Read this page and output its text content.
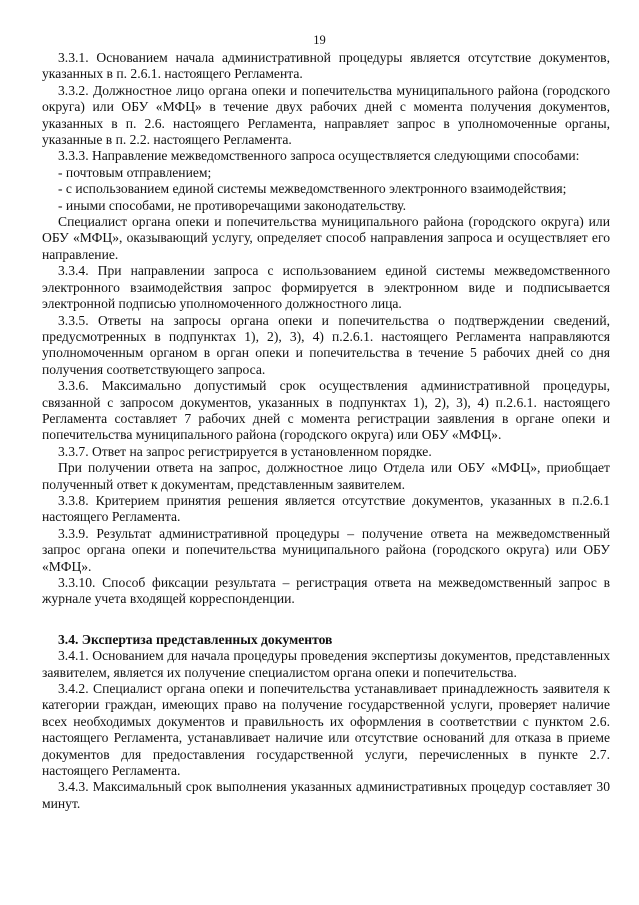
19

3.3.1. Основанием начала административной процедуры является отсутствие документов, указанных в п. 2.6.1. настоящего Регламента.

3.3.2. Должностное лицо органа опеки и попечительства муниципального района (городского округа) или ОБУ «МФЦ» в течение двух рабочих дней с момента получения документов, указанных в п. 2.6. настоящего Регламента, направляет запрос в уполномоченные органы, указанные в п. 2.2. настоящего Регламента.

3.3.3. Направление межведомственного запроса осуществляется следующими способами:

- почтовым отправлением;

- с использованием единой системы межведомственного электронного взаимодействия;

- иными способами, не противоречащими законодательству.

Специалист органа опеки и попечительства муниципального района (городского округа) или ОБУ «МФЦ», оказывающий услугу, определяет способ направления запроса и осуществляет его направление.

3.3.4. При направлении запроса с использованием единой системы межведомственного электронного взаимодействия запрос формируется в электронном виде и подписывается электронной подписью уполномоченного должностного лица.

3.3.5. Ответы на запросы органа опеки и попечительства о подтверждении сведений, предусмотренных в подпунктах 1), 2), 3), 4) п.2.6.1. настоящего Регламента направляются уполномоченным органом в орган опеки и попечительства в течение 5 рабочих дней со дня получения соответствующего запроса.

3.3.6. Максимально допустимый срок осуществления административной процедуры, связанной с запросом документов, указанных в подпунктах 1), 2), 3), 4) п.2.6.1. настоящего Регламента составляет 7 рабочих дней с момента регистрации заявления в органе опеки и попечительства муниципального района (городского округа) или ОБУ «МФЦ».

3.3.7. Ответ на запрос регистрируется в установленном порядке.

При получении ответа на запрос, должностное лицо Отдела или ОБУ «МФЦ», приобщает полученный ответ к документам, представленным заявителем.

3.3.8. Критерием принятия решения является отсутствие документов, указанных в п.2.6.1 настоящего Регламента.

3.3.9. Результат административной процедуры – получение ответа на межведомственный запрос органа опеки и попечительства муниципального района (городского округа) или ОБУ «МФЦ».

3.3.10. Способ фиксации результата – регистрация ответа на межведомственный запрос в журнале учета входящей корреспонденции.

3.4. Экспертиза представленных документов

3.4.1. Основанием для начала процедуры проведения экспертизы документов, представленных заявителем, является их получение специалистом органа опеки и попечительства.

3.4.2. Специалист органа опеки и попечительства устанавливает принадлежность заявителя к категории граждан, имеющих право на получение государственной услуги, проверяет наличие всех необходимых документов и правильность их оформления в соответствии с пунктом 2.6. настоящего Регламента, устанавливает наличие или отсутствие оснований для отказа в приеме документов для предоставления государственной услуги, перечисленных в пункте 2.7. настоящего Регламента.

3.4.3. Максимальный срок выполнения указанных административных процедур составляет 30 минут.
